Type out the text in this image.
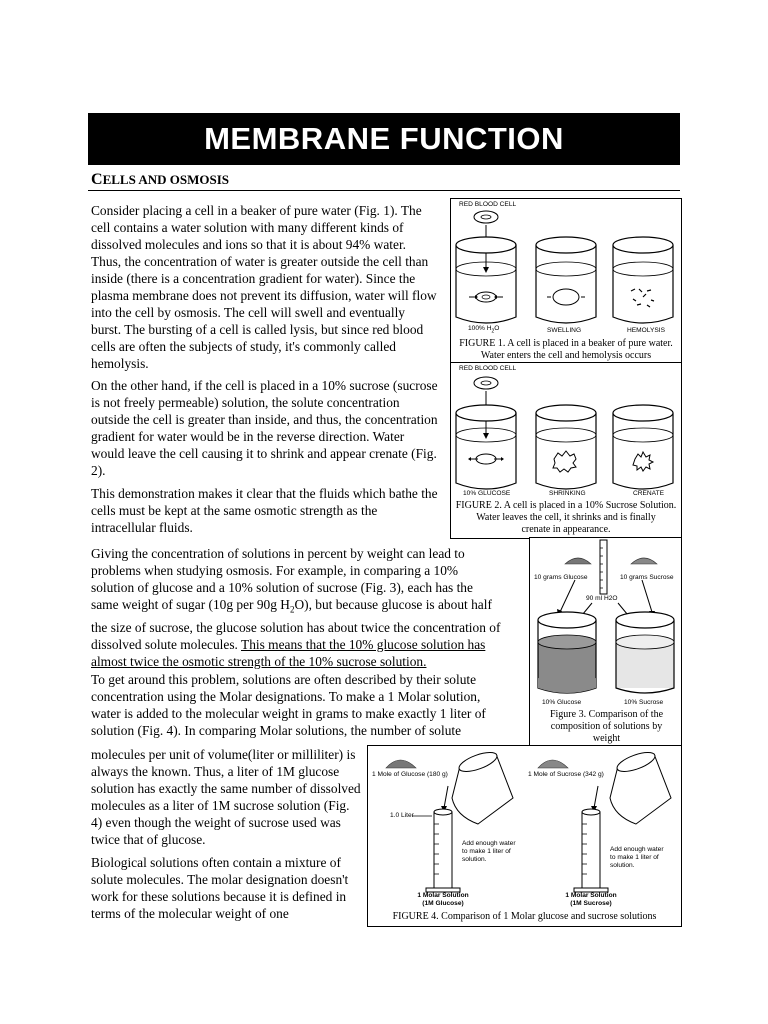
MEMBRANE FUNCTION
CELLS AND OSMOSIS
Consider placing a cell in a beaker of pure water (Fig. 1). The cell contains a water solution with many different kinds of dissolved molecules and ions so that it is about 94% water. Thus, the concentration of water is greater outside the cell than inside (there is a concentration gradient for water). Since the plasma membrane does not prevent its diffusion, water will flow into the cell by osmosis. The cell will swell and eventually burst. The bursting of a cell is called lysis, but since red blood cells are often the subjects of study, it's commonly called hemolysis.
On the other hand, if the cell is placed in a 10% sucrose (sucrose is not freely permeable) solution, the solute concentration outside the cell is greater than inside, and thus, the concentration gradient for water would be in the reverse direction. Water would leave the cell causing it to shrink and appear crenate (Fig. 2).
This demonstration makes it clear that the fluids which bathe the cells must be kept at the same osmotic strength as the intracellular fluids.
Giving the concentration of solutions in percent by weight can lead to problems when studying osmosis. For example, in comparing a 10% solution of glucose and a 10% solution of sucrose (Fig. 3), each has the same weight of sugar (10g per 90g $H_2O$), but because glucose is about half the size of sucrose, the glucose solution has about twice the concentration of dissolved solute molecules. This means that the 10% glucose solution has almost twice the osmotic strength of the 10% sucrose solution.
To get around this problem, solutions are often described by their solute concentration using the Molar designations. To make a 1 Molar solution, water is added to the molecular weight in grams to make exactly 1 liter of solution (Fig. 4). In comparing Molar solutions, the number of solute
molecules per unit of volume(liter or milliliter) is always the known. Thus, a liter of 1M glucose solution has exactly the same number of dissolved molecules as a liter of 1M sucrose solution (Fig. 4) even though the weight of sucrose used was twice that of glucose.
Biological solutions often contain a mixture of solute molecules. The molar designation doesn't work for these solutions because it is defined in terms of the molecular weight of one
RED BLOOD CELL
100% $H_2O$	SWELLING	HEMOLYSIS
FIGURE 1. A cell is placed in a beaker of pure water.
Water enters the cell and hemolysis occurs
RED BLOOD CELL
10% GLUCOSE	SHRINKING	CRENATE
FIGURE 2. A cell is placed in a 10% Sucrose Solution.
Water leaves the cell, it shrinks and is finally
crenate in appearance.
10 grams Glucose	10 grams Sucrose
90 ml H2O
10% Glucose	10% Sucrose
Figure 3. Comparison of the
composition of solutions by
weight
1 Mole of Glucose (180 g)	1 Mole of Sucrose (342 g)
1.0 Liter
Add enough water
to make 1 liter of
solution.
Add enough water
to make 1 liter of
solution.
1 Molar Solution
(1M Glucose)
1 Molar Solution
(1M Sucrose)
FIGURE 4. Comparison of 1 Molar glucose and sucrose solutions
